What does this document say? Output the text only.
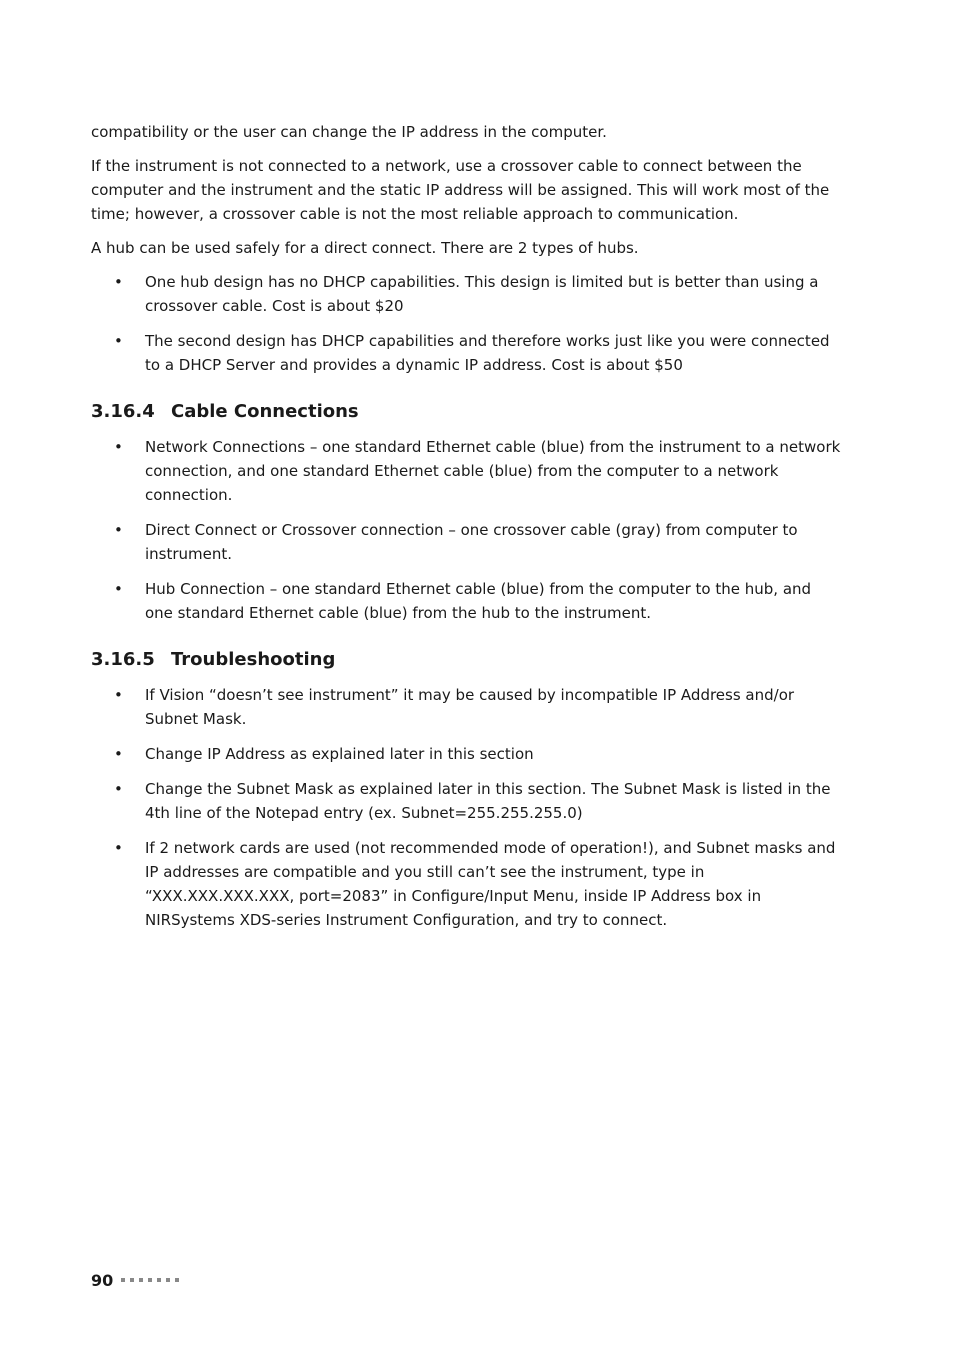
compatibility or the user can change the IP address in the computer.

If the instrument is not connected to a network, use a crossover cable to connect between the computer and the instrument and the static IP address will be assigned. This will work most of the time; however, a crossover cable is not the most reliable approach to communication.

A hub can be used safely for a direct connect. There are 2 types of hubs.

• One hub design has no DHCP capabilities. This design is limited but is better than using a crossover cable. Cost is about $20
• The second design has DHCP capabilities and therefore works just like you were connected to a DHCP Server and provides a dynamic IP address. Cost is about $50
3.16.4 Cable Connections
• Network Connections – one standard Ethernet cable (blue) from the instrument to a network connection, and one standard Ethernet cable (blue) from the computer to a network connection.
• Direct Connect or Crossover connection – one crossover cable (gray) from computer to instrument.
• Hub Connection – one standard Ethernet cable (blue) from the computer to the hub, and one standard Ethernet cable (blue) from the hub to the instrument.
3.16.5 Troubleshooting
• If Vision “doesn’t see instrument” it may be caused by incompatible IP Address and/or Subnet Mask.
• Change IP Address as explained later in this section
• Change the Subnet Mask as explained later in this section. The Subnet Mask is listed in the 4th line of the Notepad entry (ex. Subnet=255.255.255.0)
• If 2 network cards are used (not recommended mode of operation!), and Subnet masks and IP addresses are compatible and you still can’t see the instrument, type in “XXX.XXX.XXX.XXX, port=2083” in Configure/Input Menu, inside IP Address box in NIRSystems XDS-series Instrument Configuration, and try to connect.
90
